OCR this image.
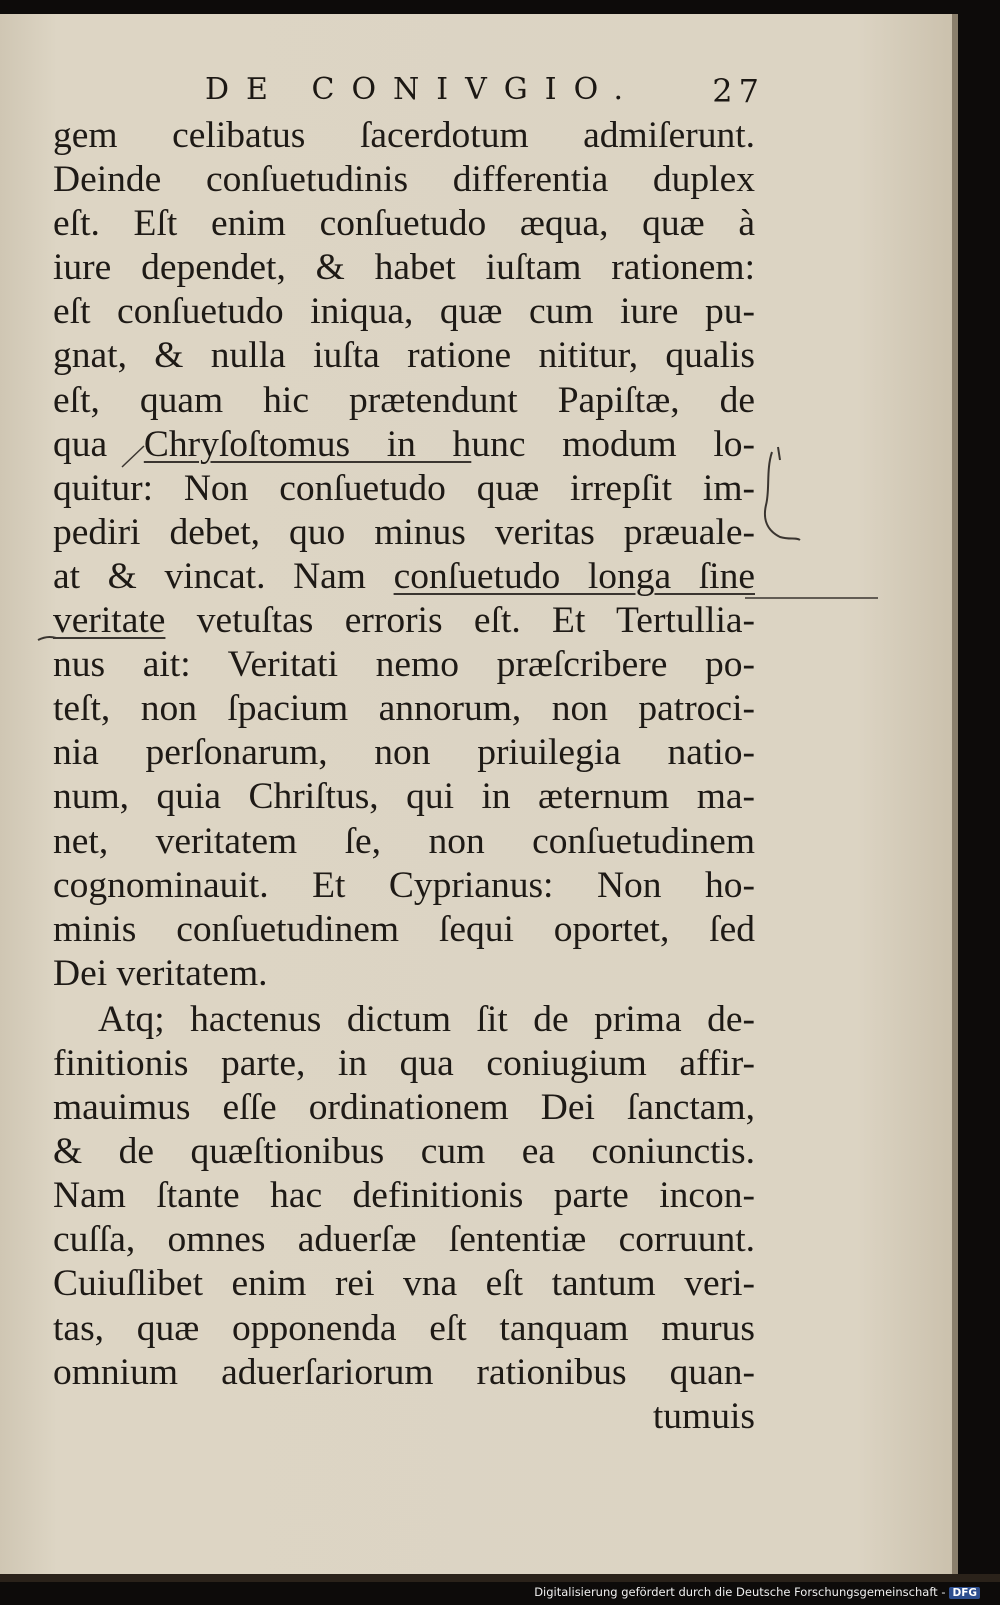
DE CONIVGIO. 27
gem celibatus ſacerdotum admiſerunt.
Deinde conſuetudinis differentia duplex
eſt. Eſt enim conſuetudo æqua, quæ à
iure dependet, & habet iuſtam rationem:
eſt conſuetudo iniqua, quæ cum iure pu-
gnat, & nulla iuſta ratione nititur, qualis
eſt, quam hic prætendunt Papiſtæ, de
qua Chryſoſtomus in hunc modum lo-
quitur: Non conſuetudo quæ irrepſit im-
pediri debet, quo minus veritas præuale-
at & vincat. Nam conſuetudo longa ſine
veritate vetuſtas erroris eſt. Et Tertullia-
nus ait: Veritati nemo præſcribere po-
teſt, non ſpacium annorum, non patroci-
nia perſonarum, non priuilegia natio-
num, quia Chriſtus, qui in æternum ma-
net, veritatem ſe, non conſuetudinem
cognominauit. Et Cyprianus: Non ho-
minis conſuetudinem ſequi oportet, ſed
Dei veritatem.
Atq; hactenus dictum ſit de prima de-
finitionis parte, in qua coniugium affir-
mauimus eſſe ordinationem Dei ſanctam,
& de quæſtionibus cum ea coniunctis.
Nam ſtante hac definitionis parte incon-
cuſſa, omnes aduerſæ ſententiæ corruunt.
Cuiuſlibet enim rei vna eſt tantum veri-
tas, quæ opponenda eſt tanquam murus
omnium aduerſariorum rationibus quan-
tumuis
Digitalisierung gefördert durch die Deutsche Forschungsgemeinschaft - DFG
